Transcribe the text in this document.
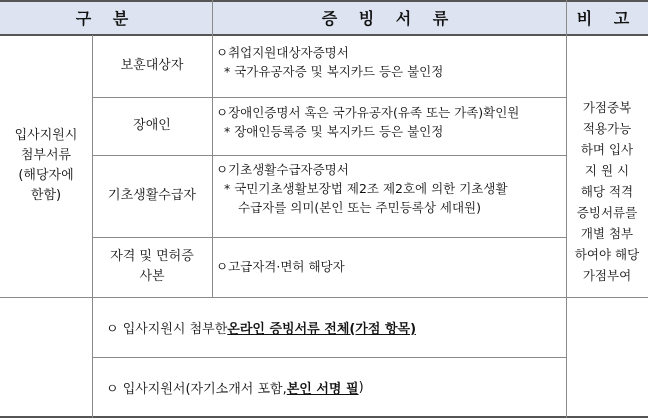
구 분	증 빙 서 류	비 고
입사지원시
첨부서류
(해당자에
한함)
보훈대상자
ㅇ취업지원대상자증명서
* 국가유공자증 및 복지카드 등은 불인정
장애인
ㅇ장애인증명서 혹은 국가유공자(유족 또는 가족)확인원
* 장애인등록증 및 복지카드 등은 불인정
기초생활수급자
ㅇ기초생활수급자증명서
* 국민기초생활보장법 제2조 제2호에 의한 기초생활
수급자를 의미(본인 또는 주민등록상 세대원)
자격 및 면허증
사본
ㅇ고급자격·면허 해당자
가점중복
적용가능
하며 입사
지 원 시
해당 적격
증빙서류를
개별 첨부
하여야 해당
가점부여
ㅇ 입사지원시 첨부한 온라인 증빙서류 전체(가점 항목)
ㅇ 입사지원서(자기소개서 포함, 본인 서명 필 )
